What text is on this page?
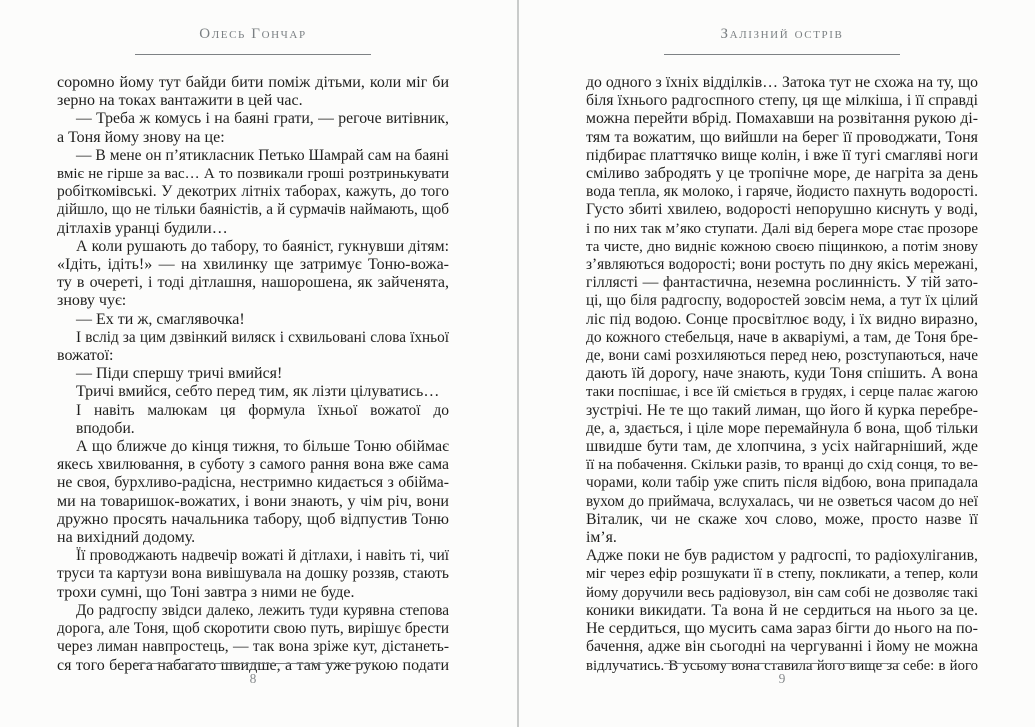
Олесь Гончар
соромно йому тут байди бити поміж дітьми, коли міг би
зерно на токах вантажити в цей час.
— Треба ж комусь і на баяні грати, — регоче витівник,
а Тоня йому знову на це:
— В мене он п’ятикласник Петько Шамрай сам на баяні
вміє не гірше за вас… А то позвикали гроші розтринькувати
робіткомівські. У декотрих літніх таборах, кажуть, до того
дійшло, що не тільки баяністів, а й сурмачів наймають, щоб
дітлахів уранці будили…
А коли рушають до табору, то баяніст, гукнувши дітям:
«Ідіть, ідіть!» — на хвилинку ще затримує Тоню-вожа-
ту в очереті, і тоді дітлашня, нашорошена, як зайченята,
знову чує:
— Ех ти ж, смаглявочка!
І вслід за цим дзвінкий виляск і схвильовані слова їхньої
вожатої:
— Піди спершу тричі вмийся!
Тричі вмийся, себто перед тим, як лізти цілуватись…
І навіть малюкам ця формула їхньої вожатої до вподоби.
А що ближче до кінця тижня, то більше Тоню обіймає
якесь хвилювання, в суботу з самого рання вона вже сама
не своя, бурхливо-радісна, нестримно кидається з обійма-
ми на товаришок-вожатих, і вони знають, у чім річ, вони
дружно просять начальника табору, щоб відпустив Тоню
на вихідний додому.
Її проводжають надвечір вожаті й дітлахи, і навіть ті, чиї
труси та картузи вона вивішувала на дошку роззяв, стають
трохи сумні, що Тоні завтра з ними не буде.
До радгоспу звідси далеко, лежить туди курявна степова
дорога, але Тоня, щоб скоротити свою путь, вирішує брести
через лиман навпростець, — так вона зріже кут, дістанеть-
ся того берега набагато швидше, а там уже рукою подати
8
Залізний острів
до одного з їхніх відділків… Затока тут не схожа на ту, що
біля їхнього радгоспного степу, ця ще мілкіша, і її справді
можна перейти вбрід. Помахавши на розвітання рукою ді-
тям та вожатим, що вийшли на берег її проводжати, Тоня
підбирає платтячко вище колін, і вже її тугі смагляві ноги
сміливо забродять у це тропічне море, де нагріта за день
вода тепла, як молоко, і гаряче, йодисто пахнуть водорості.
Густо збиті хвилею, водорості непорушно киснуть у воді,
і по них так м’яко ступати. Далі від берега море стає прозоре
та чисте, дно видніє кожною своєю піщинкою, а потім знову
з’являються водорості; вони ростуть по дну якісь мережані,
гіллясті — фантастична, неземна рослинність. У тій зато-
ці, що біля радгоспу, водоростей зовсім нема, а тут їх цілий
ліс під водою. Сонце просвітлює воду, і їх видно виразно,
до кожного стебельця, наче в акваріумі, а там, де Тоня бре-
де, вони самі розхиляються перед нею, розступаються, наче
дають їй дорогу, наче знають, куди Тоня спішить. А вона
таки поспішає, і все їй сміється в грудях, і серце палає жагою
зустрічі. Не те що такий лиман, що його й курка перебре-
де, а, здається, і ціле море перемайнула б вона, щоб тільки
швидше бути там, де хлопчина, з усіх найгарніший, жде
її на побачення. Скільки разів, то вранці до схід сонця, то ве-
чорами, коли табір уже спить після відбою, вона припадала
вухом до приймача, вслухалась, чи не озветься часом до неї
Віталик, чи не скаже хоч слово, може, просто назве її ім’я.
Адже поки не був радистом у радгоспі, то радіохуліганив,
міг через ефір розшукати її в степу, покликати, а тепер, коли
йому доручили весь радіовузол, він сам собі не дозволяє такі
коники викидати. Та вона й не сердиться на нього за це.
Не сердиться, що мусить сама зараз бігти до нього на по-
бачення, адже він сьогодні на чергуванні і йому не можна
відлучатись. В усьому вона ставила його вище за себе: в його
9
